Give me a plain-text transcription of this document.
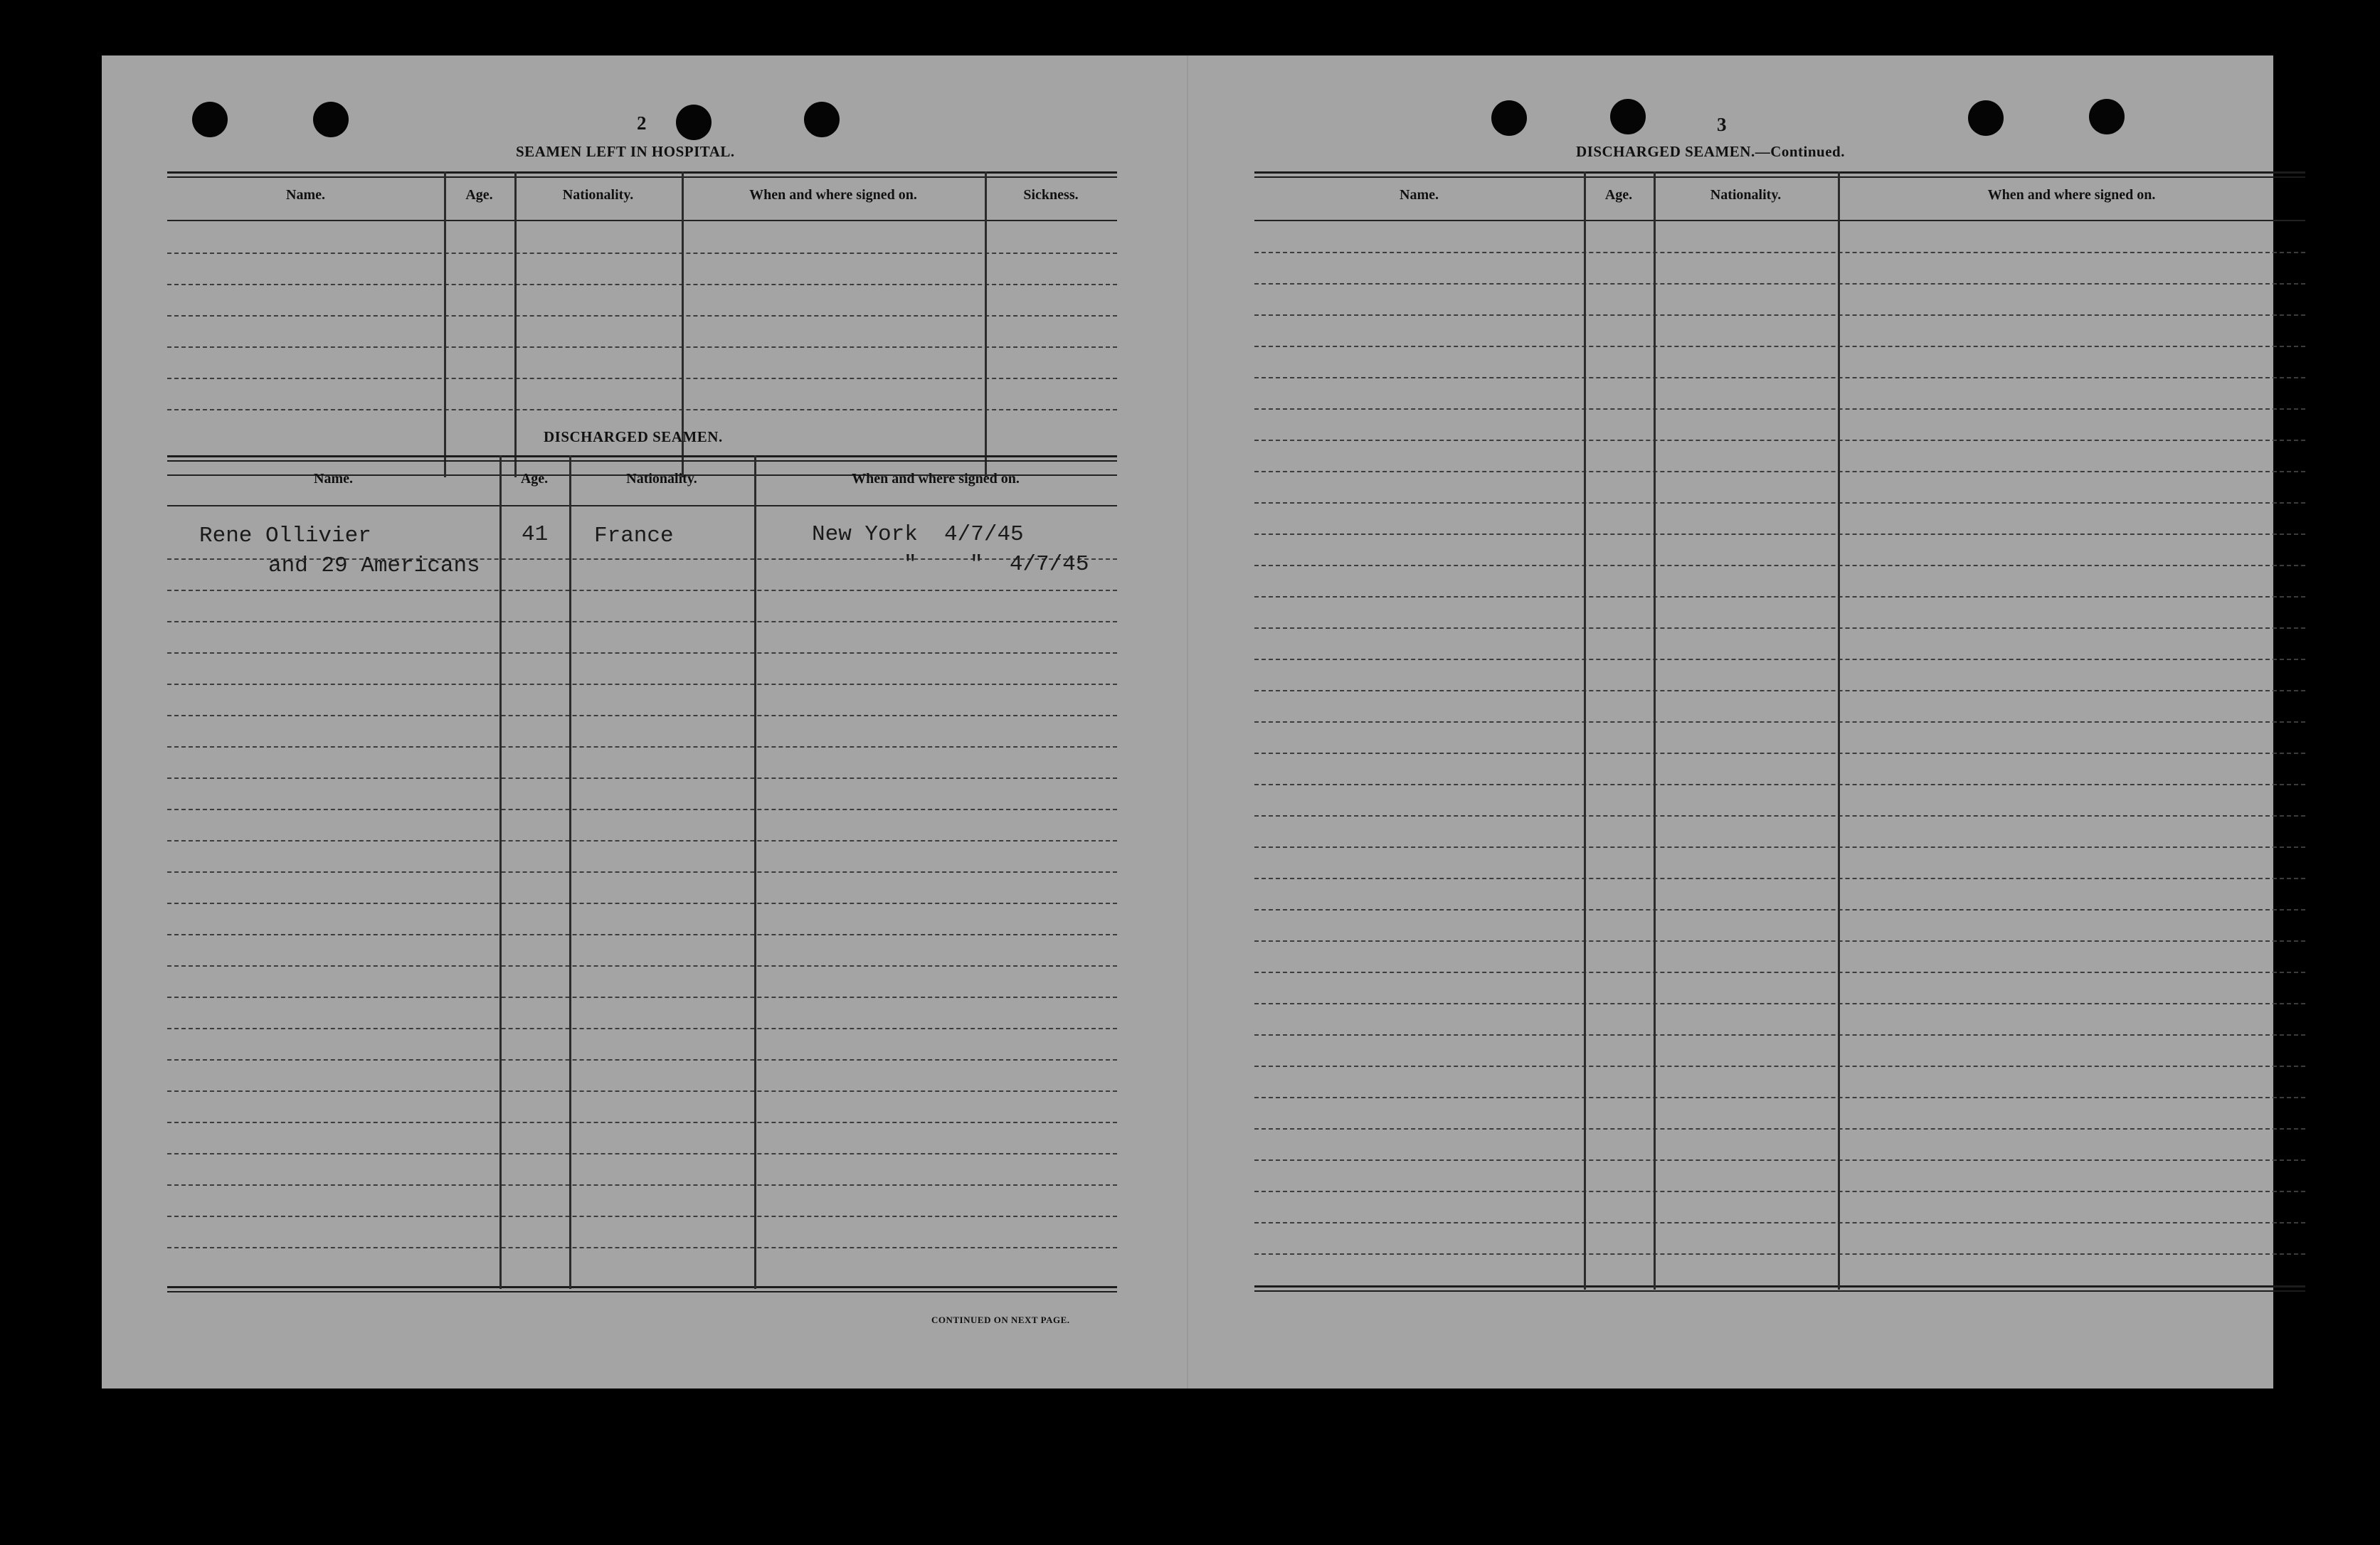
2
SEAMEN LEFT IN HOSPITAL.
Name.	Age.	Nationality.	When and where signed on.	Sickness.
DISCHARGED SEAMEN.
Name.	Age.	Nationality.	When and where signed on.
Rene Ollivier	41 France	New York  4/7/45
and 29 Americans	"    "  4/7/45
CONTINUED ON NEXT PAGE.
3
DISCHARGED SEAMEN.—Continued.
Name.	Age.	Nationality.	When and where signed on.
